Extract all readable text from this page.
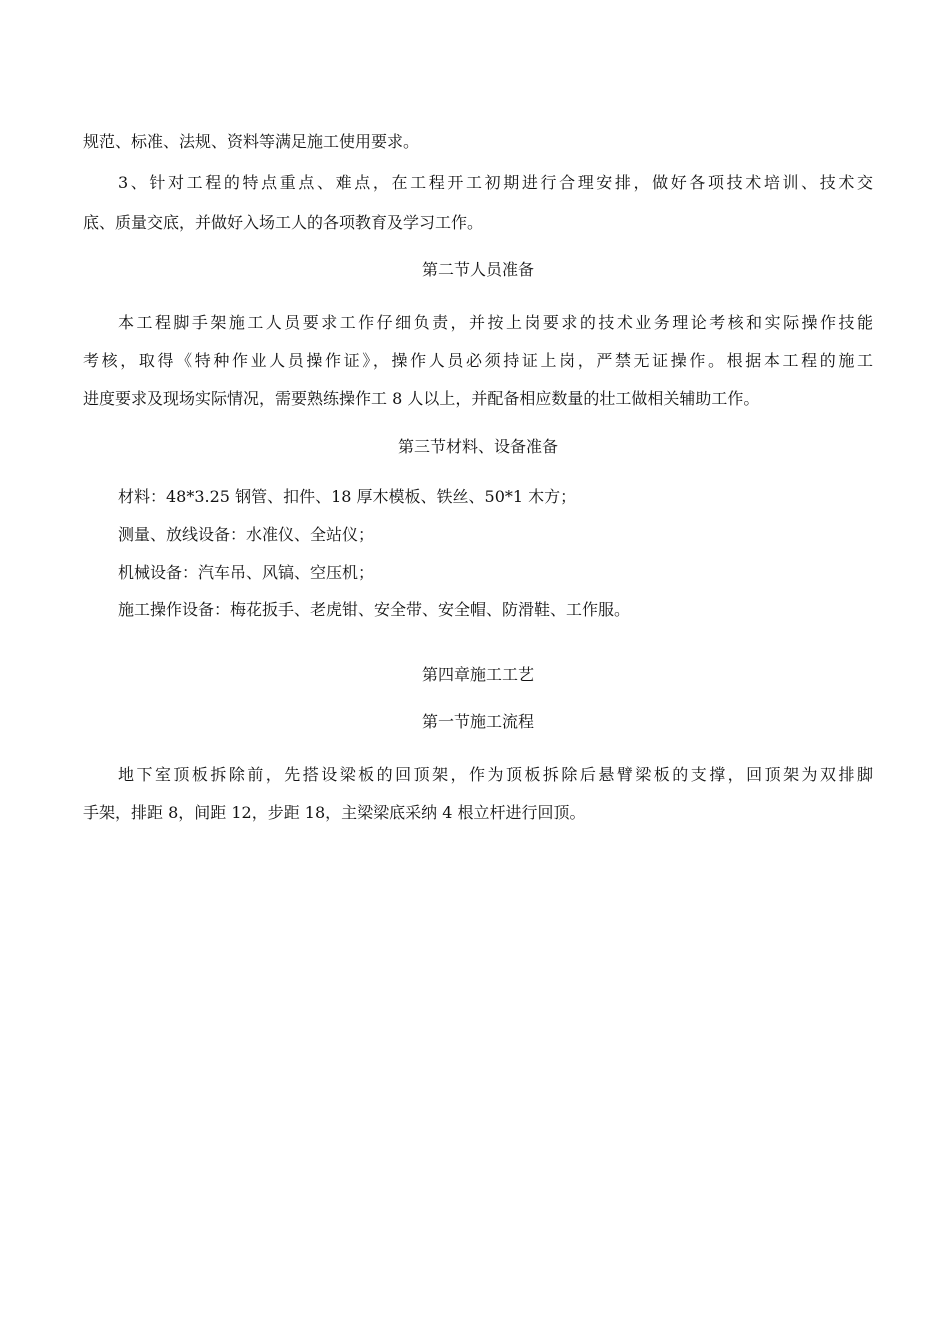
规范、标准、法规、资料等满足施工使用要求。
3、针对工程的特点重点、难点，在工程开工初期进行合理安排，做好各项技术培训、技术交
底、质量交底，并做好入场工人的各项教育及学习工作。
第二节人员准备
本工程脚手架施工人员要求工作仔细负责，并按上岗要求的技术业务理论考核和实际操作技能
考核，取得《特种作业人员操作证》，操作人员必须持证上岗，严禁无证操作。根据本工程的施工
进度要求及现场实际情况，需要熟练操作工 8 人以上，并配备相应数量的壮工做相关辅助工作。
第三节材料、设备准备
材料：48*3.25 钢管、扣件、18 厚木模板、铁丝、50*1 木方；
测量、放线设备：水准仪、全站仪；
机械设备：汽车吊、风镐、空压机；
施工操作设备：梅花扳手、老虎钳、安全带、安全帽、防滑鞋、工作服。
第四章施工工艺
第一节施工流程
地下室顶板拆除前，先搭设梁板的回顶架，作为顶板拆除后悬臂梁板的支撑，回顶架为双排脚
手架，排距 8，间距 12，步距 18，主梁梁底采纳 4 根立杆进行回顶。
